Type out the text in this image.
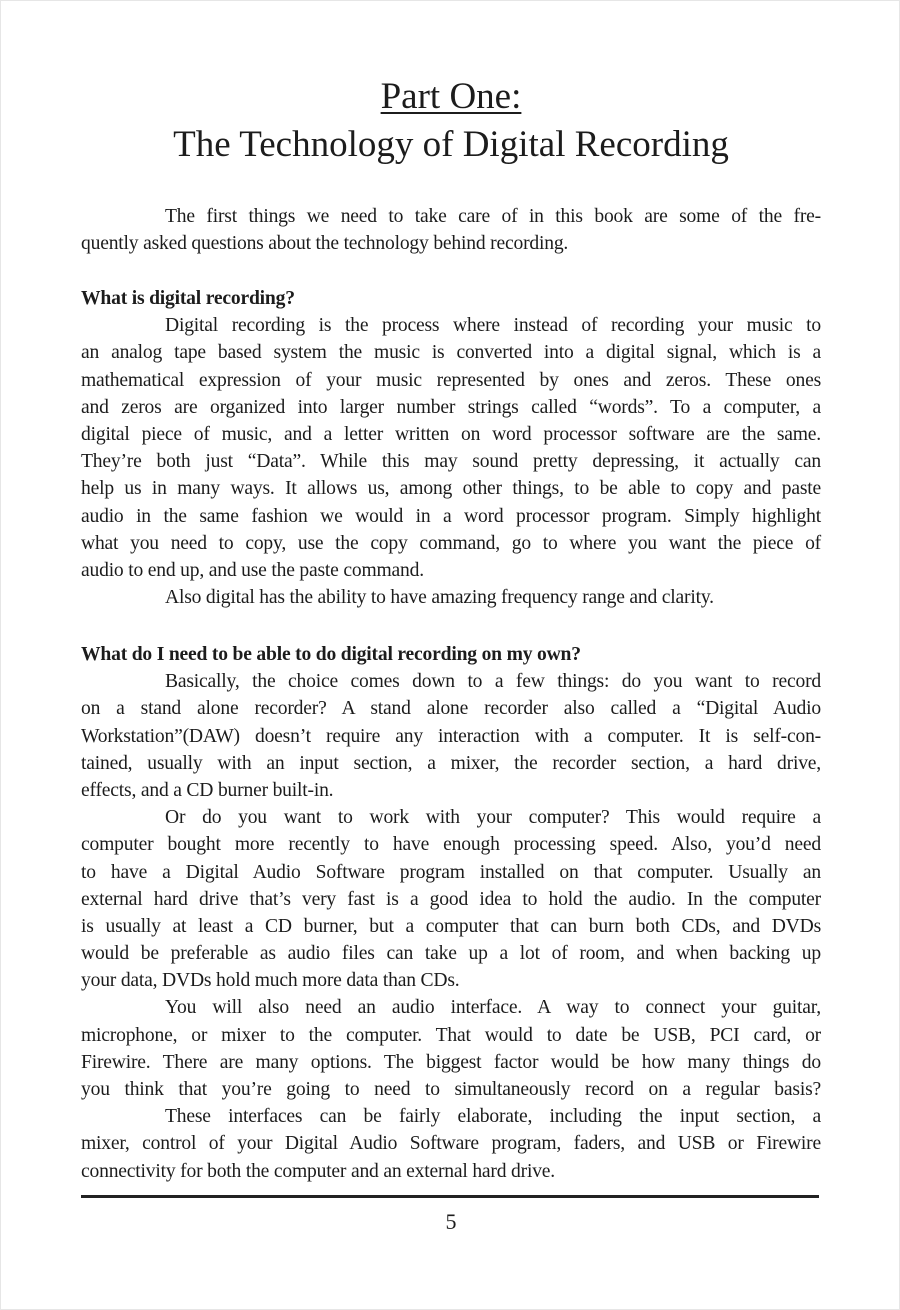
Part One:
The Technology of Digital Recording
The first things we need to take care of in this book are some of the fre-
quently asked questions about the technology behind recording.
What is digital recording?
Digital recording is the process where instead of recording your music to
an analog tape based system the music is converted into a digital signal, which is a
mathematical expression of your music represented by ones and zeros. These ones
and zeros are organized into larger number strings called “words”. To a computer, a
digital piece of music, and a letter written on word processor software are the same.
They’re both just “Data”. While this may sound pretty depressing, it actually can
help us in many ways. It allows us, among other things, to be able to copy and paste
audio in the same fashion we would in a word processor program. Simply highlight
what you need to copy, use the copy command, go to where you want the piece of
audio to end up, and use the paste command.
Also digital has the ability to have amazing frequency range and clarity.
What do I need to be able to do digital recording on my own?
Basically, the choice comes down to a few things: do you want to record
on a stand alone recorder? A stand alone recorder also called a “Digital Audio
Workstation”(DAW) doesn’t require any interaction with a computer. It is self-con-
tained, usually with an input section, a mixer, the recorder section, a hard drive,
effects, and a CD burner built-in.
Or do you want to work with your computer? This would require a
computer bought more recently to have enough processing speed. Also, you’d need
to have a Digital Audio Software program installed on that computer. Usually an
external hard drive that’s very fast is a good idea to hold the audio. In the computer
is usually at least a CD burner, but a computer that can burn both CDs, and DVDs
would be preferable as audio files can take up a lot of room, and when backing up
your data, DVDs hold much more data than CDs.
You will also need an audio interface. A way to connect your guitar,
microphone, or mixer to the computer. That would to date be USB, PCI card, or
Firewire. There are many options. The biggest factor would be how many things do
you think that you’re going to need to simultaneously record on a regular basis?
These interfaces can be fairly elaborate, including the input section, a
mixer, control of your Digital Audio Software program, faders, and USB or Firewire
connectivity for both the computer and an external hard drive.
5
